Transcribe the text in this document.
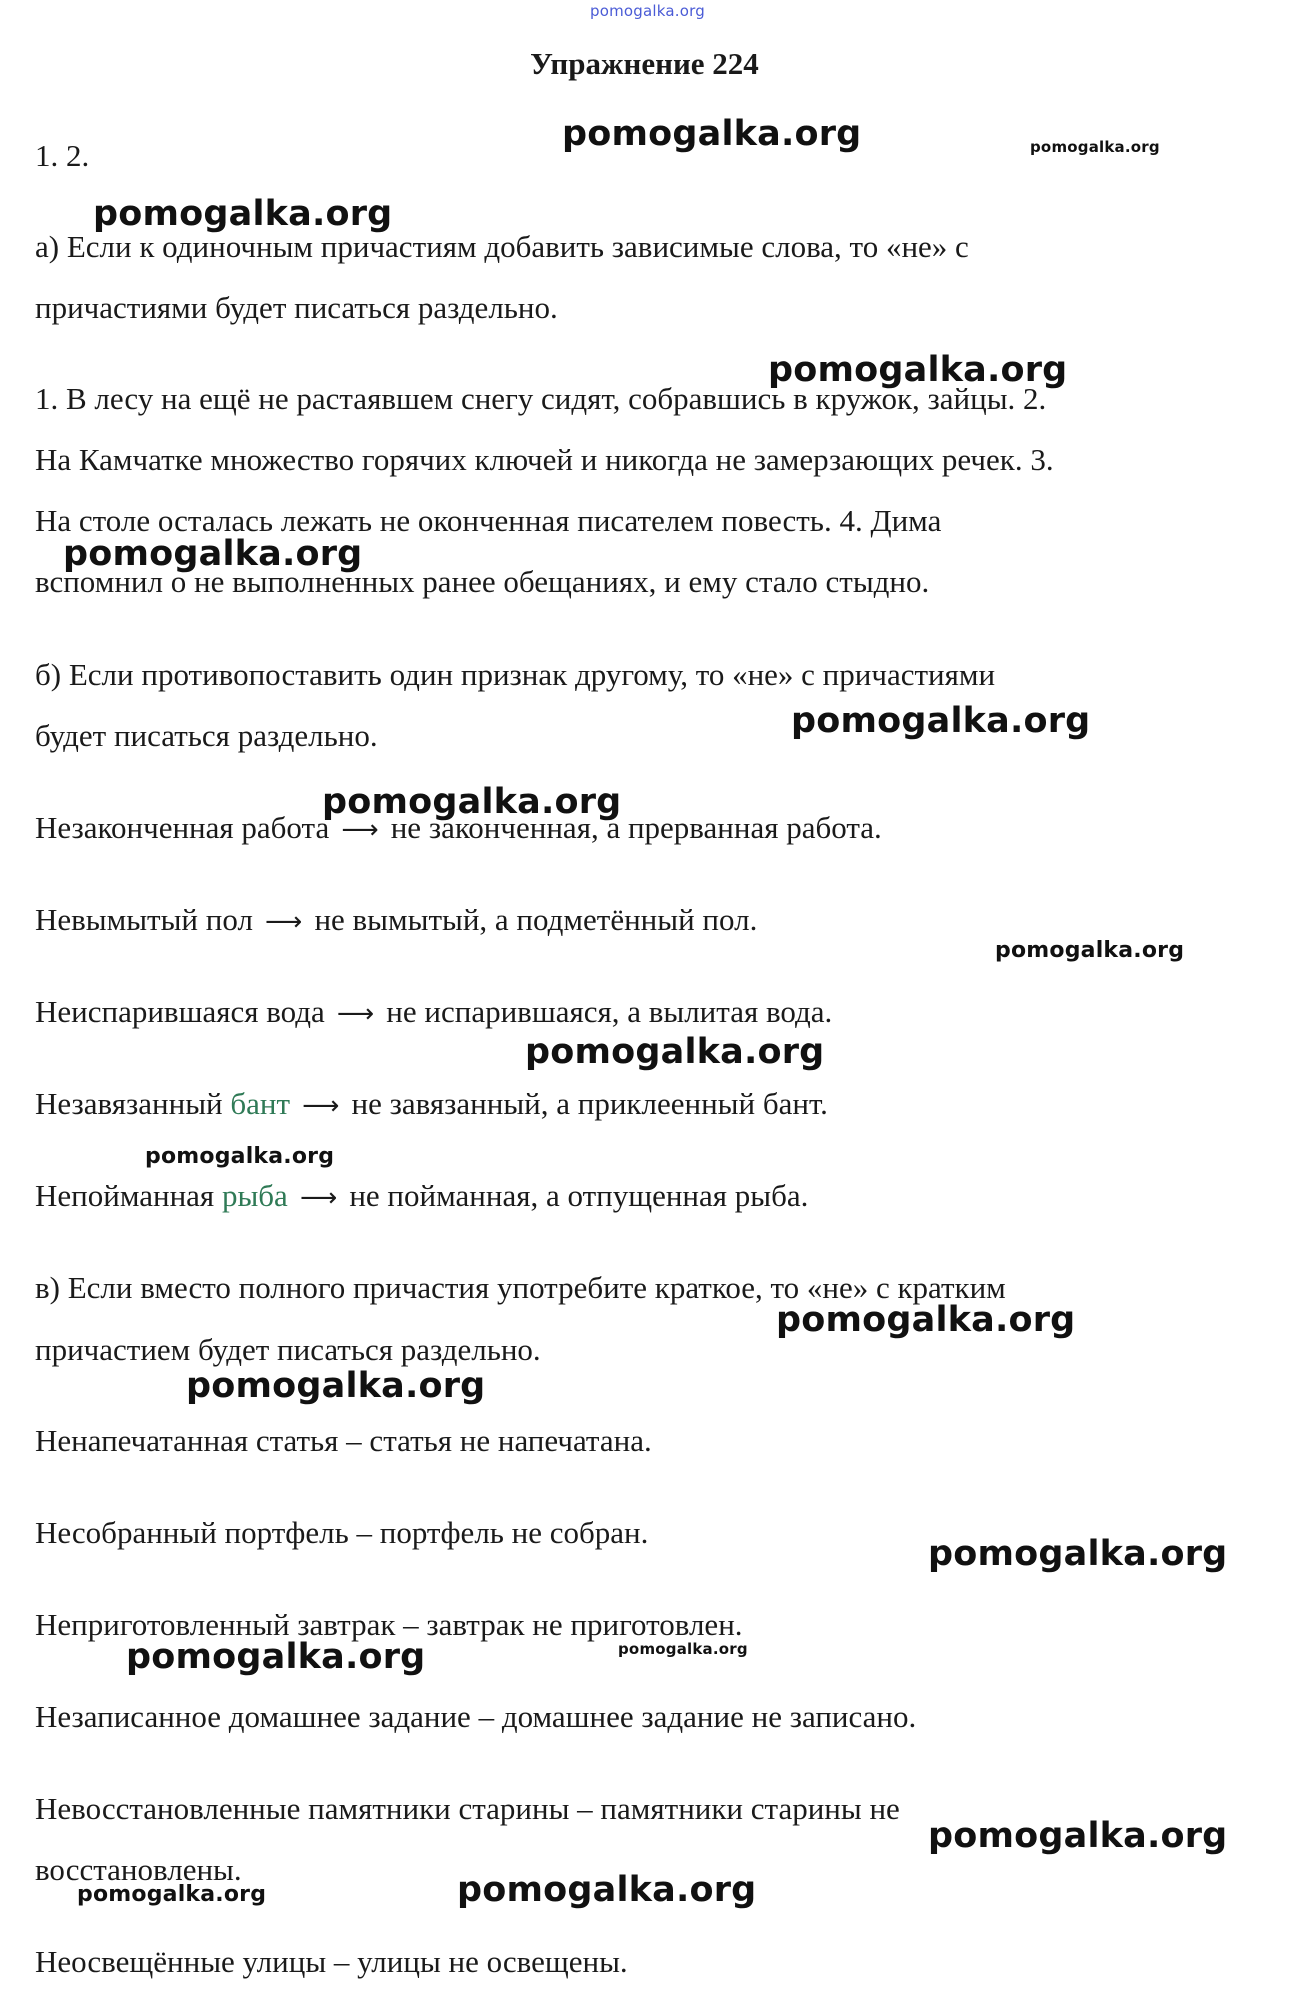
pomogalka.org
Упражнение 224
1. 2.
а) Если к одиночным причастиям добавить зависимые слова, то «не» с
причастиями будет писаться раздельно.
1. В лесу на ещё не растаявшем снегу сидят, собравшись в кружок, зайцы. 2.
На Камчатке множество горячих ключей и никогда не замерзающих речек. 3.
На столе осталась лежать не оконченная писателем повесть. 4. Дима
вспомнил о не выполненных ранее обещаниях, и ему стало стыдно.
б) Если противопоставить один признак другому, то «не» с причастиями
будет писаться раздельно.
Незаконченная работа ⟶ не законченная, а прерванная работа.
Невымытый пол ⟶ не вымытый, а подметённый пол.
Неиспарившаяся вода ⟶ не испарившаяся, а вылитая вода.
Незавязанный бант ⟶ не завязанный, а приклеенный бант.
Непойманная рыба ⟶ не пойманная, а отпущенная рыба.
в) Если вместо полного причастия употребите краткое, то «не» с кратким
причастием будет писаться раздельно.
Ненапечатанная статья – статья не напечатана.
Несобранный портфель – портфель не собран.
Неприготовленный завтрак – завтрак не приготовлен.
Незаписанное домашнее задание – домашнее задание не записано.
Невосстановленные памятники старины – памятники старины не
восстановлены.
Неосвещённые улицы – улицы не освещены.
pomogalka.org	pomogalka.org
pomogalka.org
pomogalka.org
pomogalka.org
pomogalka.org
pomogalka.org
pomogalka.org
pomogalka.org
pomogalka.org
pomogalka.org
pomogalka.org
pomogalka.org
pomogalka.org	pomogalka.org
pomogalka.org
pomogalka.org
pomogalka.org
